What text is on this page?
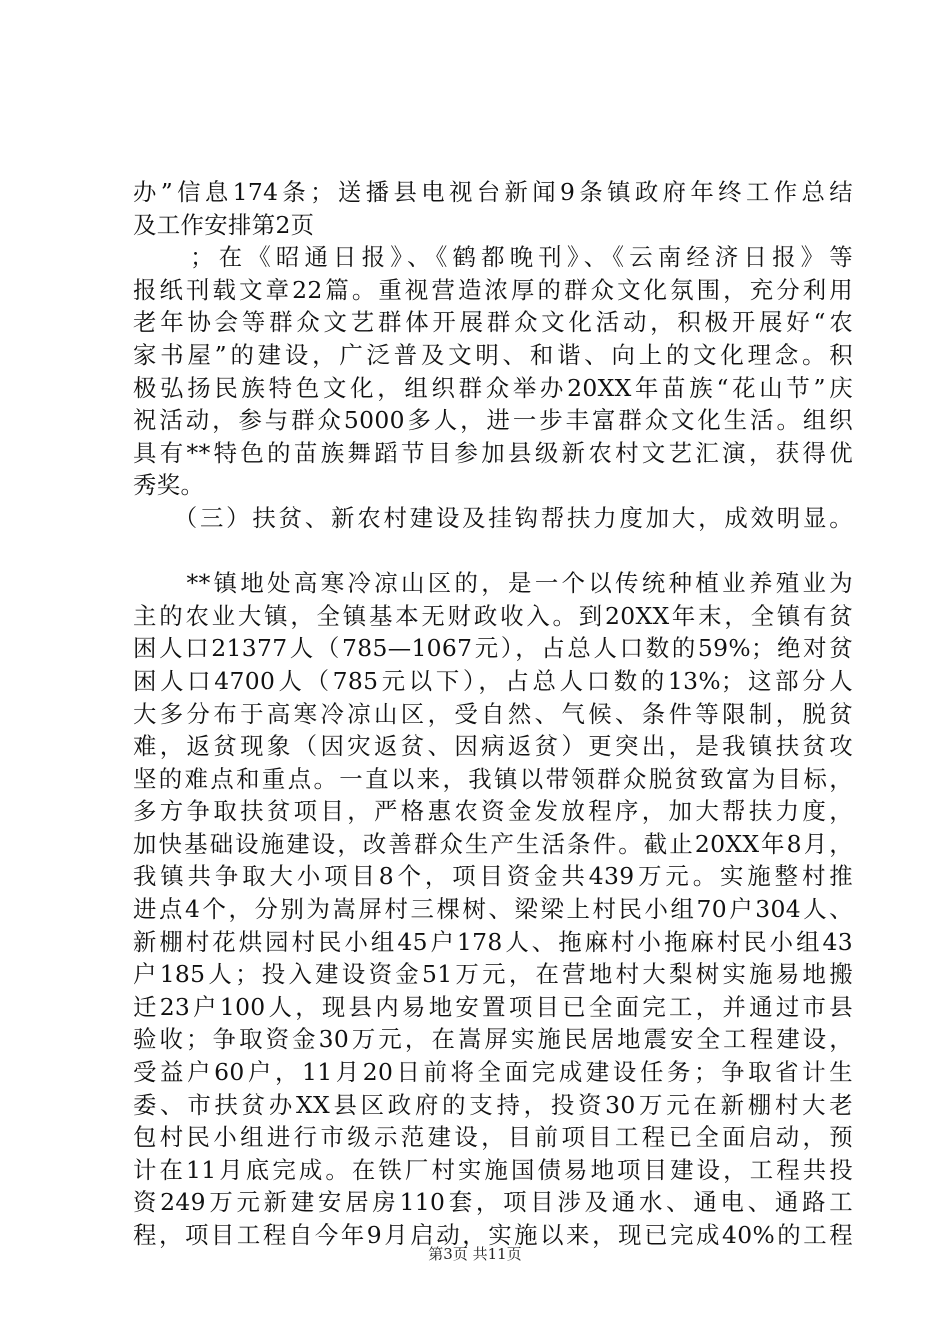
办”信息174条；送播县电视台新闻9条镇政府年终工作总结
及工作安排第2页
　　；在《昭通日报》、《鹤都晚刊》、《云南经济日报》等
报纸刊载文章22篇。重视营造浓厚的群众文化氛围，充分利用
老年协会等群众文艺群体开展群众文化活动，积极开展好“农
家书屋”的建设，广泛普及文明、和谐、向上的文化理念。积
极弘扬民族特色文化，组织群众举办20XX年苗族“花山节”庆
祝活动，参与群众5000多人，进一步丰富群众文化生活。组织
具有**特色的苗族舞蹈节目参加县级新农村文艺汇演，获得优
秀奖。
　　（三）扶贫、新农村建设及挂钩帮扶力度加大，成效明显。
　　**镇地处高寒冷凉山区的，是一个以传统种植业养殖业为
主的农业大镇，全镇基本无财政收入。到20XX年末，全镇有贫
困人口21377人（785—1067元），占总人口数的59%；绝对贫
困人口4700人（785元以下），占总人口数的13%；这部分人
大多分布于高寒冷凉山区，受自然、气候、条件等限制，脱贫
难，返贫现象（因灾返贫、因病返贫）更突出，是我镇扶贫攻
坚的难点和重点。一直以来，我镇以带领群众脱贫致富为目标，
多方争取扶贫项目，严格惠农资金发放程序，加大帮扶力度，
加快基础设施建设，改善群众生产生活条件。截止20XX年8月，
我镇共争取大小项目8个，项目资金共439万元。实施整村推
进点4个，分别为嵩屏村三棵树、梁梁上村民小组70户304人、
新棚村花烘园村民小组45户178人、拖麻村小拖麻村民小组43
户185人；投入建设资金51万元，在营地村大梨树实施易地搬
迁23户100人，现县内易地安置项目已全面完工，并通过市县
验收；争取资金30万元，在嵩屏实施民居地震安全工程建设，
受益户60户，11月20日前将全面完成建设任务；争取省计生
委、市扶贫办XX县区政府的支持，投资30万元在新棚村大老
包村民小组进行市级示范建设，目前项目工程已全面启动，预
计在11月底完成。在铁厂村实施国债易地项目建设，工程共投
资249万元新建安居房110套，项目涉及通水、通电、通路工
程，项目工程自今年9月启动，实施以来，现已完成40%的工程
第3页 共11页
